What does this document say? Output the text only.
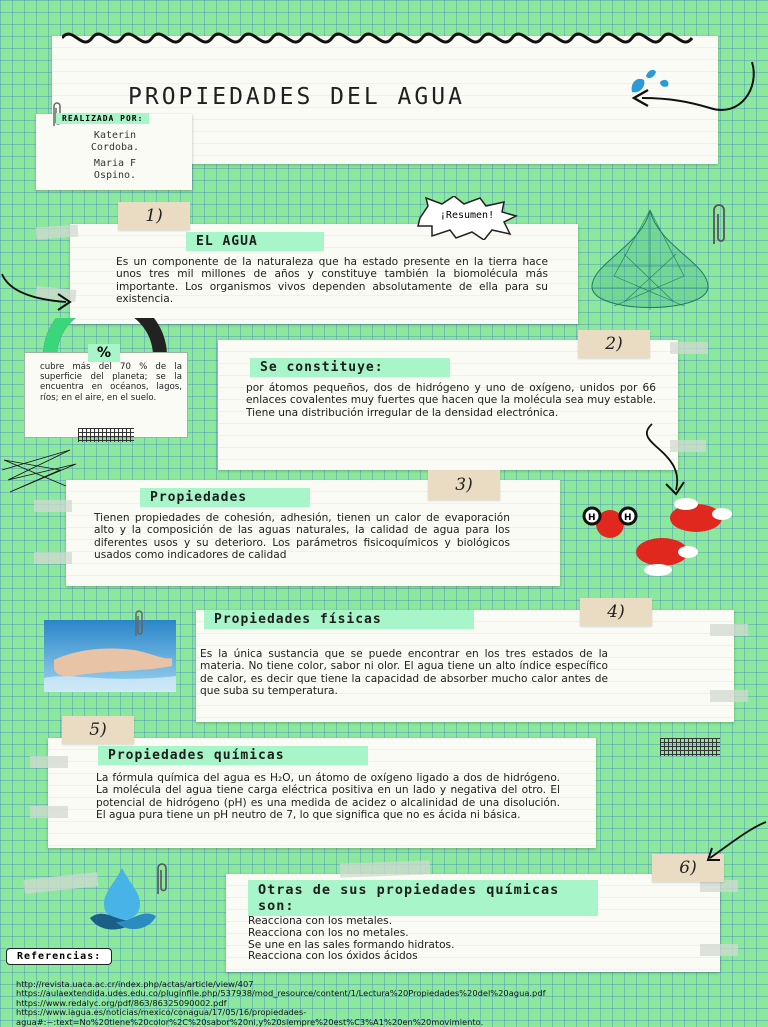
PROPIEDADES DEL AGUA
REALIZADA POR:
Katerin Cordoba.
Maria F Ospino.
1)
EL AGUA

Es un componente de la naturaleza que ha estado presente en la tierra hace unos tres mil millones de años y constituye también la biomolécula más importante. Los organismos vivos dependen absolutamente de ella para su existencia.

¡Resumen!
%

cubre más del 70 % de la superficie del planeta; se la encuentra en océanos, lagos, ríos; en el aire, en el suelo.

2)
Se constituye:

por átomos pequeños, dos de hidrógeno y uno de oxígeno, unidos por 66 enlaces covalentes muy fuertes que hacen que la molécula sea muy estable. Tiene una distribución irregular de la densidad electrónica.

3)
Propiedades

Tienen propiedades de cohesión, adhesión, tienen un calor de evaporación alto y la composición de las aguas naturales, la calidad de agua para los diferentes usos y su deterioro. Los parámetros fisicoquímicos y biológicos usados como indicadores de calidad

H	H
4)
Propiedades físicas

Es la única sustancia que se puede encontrar en los tres estados de la materia. No tiene color, sabor ni olor. El agua tiene un alto índice específico de calor, es decir que tiene la capacidad de absorber mucho calor antes de que suba su temperatura.

5)
Propiedades químicas

La fórmula química del agua es H₂O, un átomo de oxígeno ligado a dos de hidrógeno. La molécula del agua tiene carga eléctrica positiva en un lado y negativa del otro. El potencial de hidrógeno (pH) es una medida de acidez o alcalinidad de una disolución. El agua pura tiene un pH neutro de 7, lo que significa que no es ácida ni básica.

6)
Otras de sus propiedades químicas son:
Reacciona con los metales.
Reacciona con los no metales.
Se une en las sales formando hidratos.
Reacciona con los óxidos ácidos
Referencias:
http://revista.uaca.ac.cr/index.php/actas/article/view/407
https://aulaextendida.udes.edu.co/pluginfile.php/537938/mod_resource/content/1/Lectura%20Propiedades%20del%20agua.pdf
https://www.redalyc.org/pdf/863/86325090002.pdf
https://www.iagua.es/noticias/mexico/conagua/17/05/16/propiedades-
agua#:~:text=No%20tiene%20color%2C%20sabor%20ni,y%20siempre%20est%C3%A1%20en%20movimiento.
